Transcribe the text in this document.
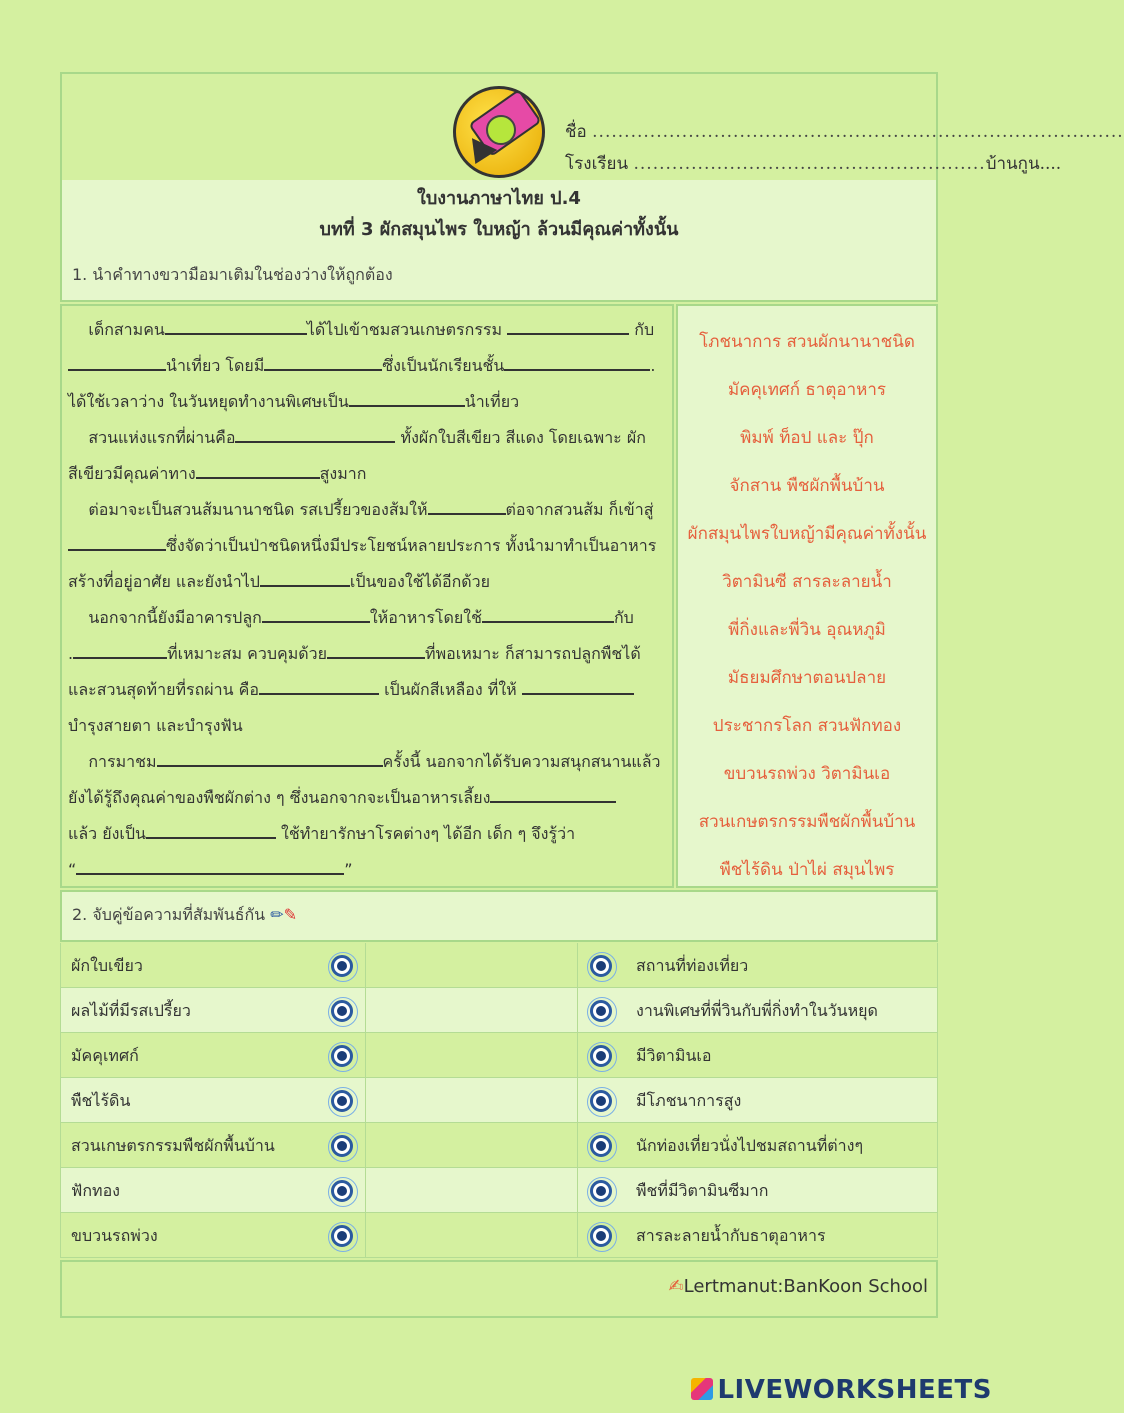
ชื่อ ...................................................................................
โรงเรียน .......................................................บ้านกูน....
ใบงานภาษาไทย ป.4
บทที่ 3 ผักสมุนไพร ใบหญ้า ล้วนมีคุณค่าทั้งนั้น
1. นำคำทางขวามือมาเติมในช่องว่างให้ถูกต้อง

เด็กสามคน	ได้ไปเข้าชมสวนเกษตรกรรม	กับ

นำเที่ยว โดยมี	ซึ่งเป็นนักเรียนชั้น	.

ได้ใช้เวลาว่าง ในวันหยุดทำงานพิเศษเป็น	นำเที่ยว

สวนแห่งแรกที่ผ่านคือ	ทั้งผักใบสีเขียว สีแดง โดยเฉพาะ ผัก

สีเขียวมีคุณค่าทาง	สูงมาก

ต่อมาจะเป็นสวนส้มนานาชนิด รสเปรี้ยวของส้มให้	ต่อจากสวนส้ม ก็เข้าสู่

ซึ่งจัดว่าเป็นป่าชนิดหนึ่งมีประโยชน์หลายประการ ทั้งนำมาทำเป็นอาหาร

สร้างที่อยู่อาศัย และยังนำไป	เป็นของใช้ได้อีกด้วย

นอกจากนี้ยังมีอาคารปลูก	ให้อาหารโดยใช้	กับ

.	ที่เหมาะสม ควบคุมด้วย	ที่พอเหมาะ ก็สามารถปลูกพืชได้

และสวนสุดท้ายที่รถผ่าน คือ	เป็นผักสีเหลือง ที่ให้

บำรุงสายตา และบำรุงฟัน

การมาชม	ครั้งนี้ นอกจากได้รับความสนุกสนานแล้ว

ยังได้รู้ถึงคุณค่าของพืชผักต่าง ๆ ซึ่งนอกจากจะเป็นอาหารเลี้ยง

แล้ว ยังเป็น	ใช้ทำยารักษาโรคต่างๆ ได้อีก เด็ก ๆ จึงรู้ว่า

“	”

โภชนาการ สวนผักนานาชนิด
มัคคุเทศก์ ธาตุอาหาร
พิมพ์ ท็อป และ ปุ๊ก
จักสาน พืชผักพื้นบ้าน
ผักสมุนไพรใบหญ้ามีคุณค่าทั้งนั้น
วิตามินซี สารละลายน้ำ
พี่กิ่งและพี่วิน อุณหภูมิ
มัธยมศึกษาตอนปลาย
ประชากรโลก สวนฟักทอง
ขบวนรถพ่วง วิตามินเอ
สวนเกษตรกรรมพืชผักพื้นบ้าน
พืชไร้ดิน ป่าไผ่ สมุนไพร
2. จับคู่ข้อความที่สัมพันธ์กัน ✏✎
ผักใบเขียว	สถานที่ท่องเที่ยว
ผลไม้ที่มีรสเปรี้ยว	งานพิเศษที่พี่วินกับพี่กิ่งทำในวันหยุด
มัคคุเทศก์	มีวิตามินเอ
พืชไร้ดิน	มีโภชนาการสูง
สวนเกษตรกรรมพืชผักพื้นบ้าน	นักท่องเที่ยวนั่งไปชมสถานที่ต่างๆ
ฟักทอง	พืชที่มีวิตามินซีมาก
ขบวนรถพ่วง	สารละลายน้ำกับธาตุอาหาร
✍Lertmanut:BanKoon School
LIVEWORKSHEETS
